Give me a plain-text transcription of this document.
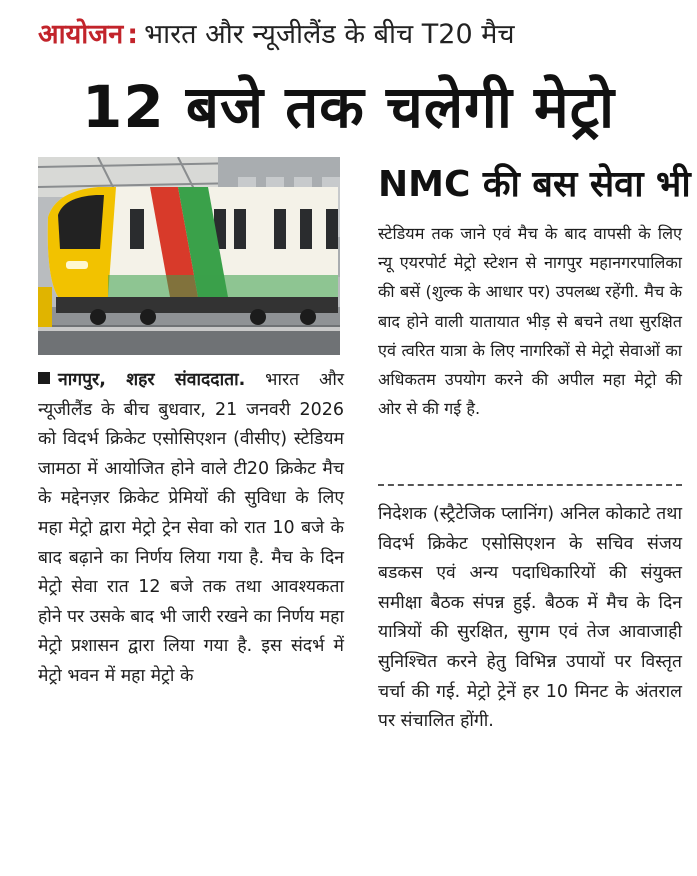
आयोजन : भारत और न्यूजीलैंड के बीच T20 मैच
12 बजे तक चलेगी मेट्रो
NMC की बस सेवा भी
स्टेडियम तक जाने एवं मैच के बाद वापसी के लिए न्यू एयरपोर्ट मेट्रो स्टेशन से नागपुर महानगरपालिका की बसें (शुल्क के आधार पर) उपलब्ध रहेंगी. मैच के बाद होने वाली यातायात भीड़ से बचने तथा सुरक्षित एवं त्वरित यात्रा के लिए नागरिकों से मेट्रो सेवाओं का अधिकतम उपयोग करने की अपील महा मेट्रो की ओर से की गई है.
नागपुर, शहर संवाददाता. भारत और न्यूजीलैंड के बीच बुधवार, 21 जनवरी 2026 को विदर्भ क्रिकेट एसोसिएशन (वीसीए) स्टेडियम जामठा में आयोजित होने वाले टी20 क्रिकेट मैच के मद्देनज़र क्रिकेट प्रेमियों की सुविधा के लिए महा मेट्रो द्वारा मेट्रो ट्रेन सेवा को रात 10 बजे के बाद बढ़ाने का निर्णय लिया गया है. मैच के दिन मेट्रो सेवा रात 12 बजे तक तथा आवश्यकता होने पर उसके बाद भी जारी रखने का निर्णय महा मेट्रो प्रशासन द्वारा लिया गया है. इस संदर्भ में मेट्रो भवन में महा मेट्रो के
निदेशक (स्ट्रैटेजिक प्लानिंग) अनिल कोकाटे तथा विदर्भ क्रिकेट एसोसिएशन के सचिव संजय बडकस एवं अन्य पदाधिकारियों की संयुक्त समीक्षा बैठक संपन्न हुई. बैठक में मैच के दिन यात्रियों की सुरक्षित, सुगम एवं तेज आवाजाही सुनिश्चित करने हेतु विभिन्न उपायों पर विस्तृत चर्चा की गई. मेट्रो ट्रेनें हर 10 मिनट के अंतराल पर संचालित होंगी.
